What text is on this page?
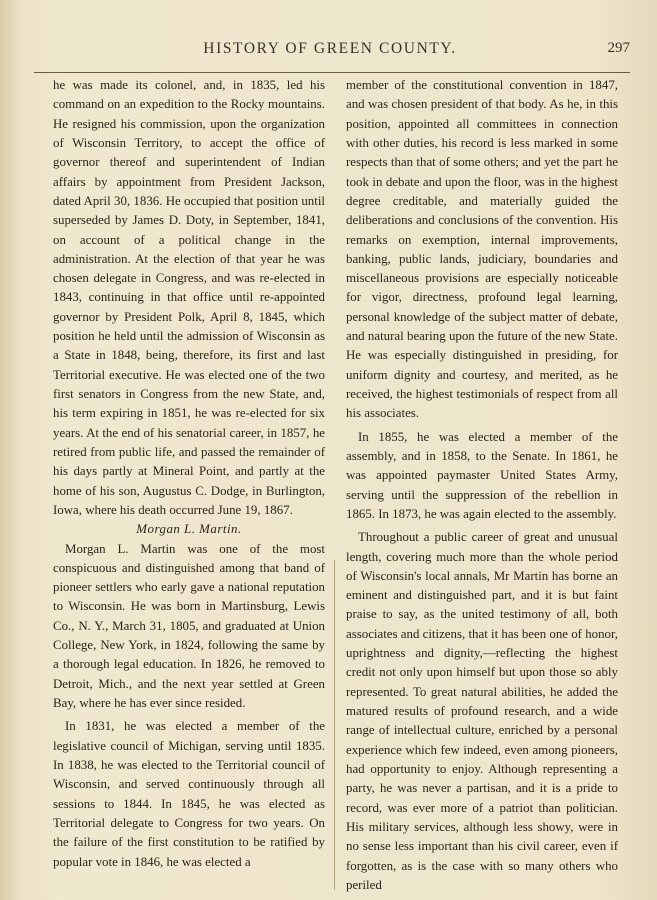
HISTORY OF GREEN COUNTY.	297

he was made its colonel, and, in 1835, led his command on an expedition to the Rocky mountains. He resigned his commission, upon the organization of Wisconsin Territory, to accept the office of governor thereof and superintendent of Indian affairs by appointment from President Jackson, dated April 30, 1836. He occupied that position until superseded by James D. Doty, in September, 1841, on account of a political change in the administration. At the election of that year he was chosen delegate in Congress, and was re-elected in 1843, continuing in that office until re-appointed governor by President Polk, April 8, 1845, which position he held until the admission of Wisconsin as a State in 1848, being, therefore, its first and last Territorial executive. He was elected one of the two first senators in Congress from the new State, and, his term expiring in 1851, he was re-elected for six years. At the end of his senatorial career, in 1857, he retired from public life, and passed the remainder of his days partly at Mineral Point, and partly at the home of his son, Augustus C. Dodge, in Burlington, Iowa, where his death occurred June 19, 1867.

Morgan L. Martin.

Morgan L. Martin was one of the most conspicuous and distinguished among that band of pioneer settlers who early gave a national reputation to Wisconsin. He was born in Martinsburg, Lewis Co., N. Y., March 31, 1805, and graduated at Union College, New York, in 1824, following the same by a thorough legal education. In 1826, he removed to Detroit, Mich., and the next year settled at Green Bay, where he has ever since resided.

In 1831, he was elected a member of the legislative council of Michigan, serving until 1835. In 1838, he was elected to the Territorial council of Wisconsin, and served continuously through all sessions to 1844. In 1845, he was elected as Territorial delegate to Congress for two years. On the failure of the first constitution to be ratified by popular vote in 1846, he was elected a

member of the constitutional convention in 1847, and was chosen president of that body. As he, in this position, appointed all committees in connection with other duties, his record is less marked in some respects than that of some others; and yet the part he took in debate and upon the floor, was in the highest degree creditable, and materially guided the deliberations and conclusions of the convention. His remarks on exemption, internal improvements, banking, public lands, judiciary, boundaries and miscellaneous provisions are especially noticeable for vigor, directness, profound legal learning, personal knowledge of the subject matter of debate, and natural bearing upon the future of the new State. He was especially distinguished in presiding, for uniform dignity and courtesy, and merited, as he received, the highest testimonials of respect from all his associates.

In 1855, he was elected a member of the assembly, and in 1858, to the Senate. In 1861, he was appointed paymaster United States Army, serving until the suppression of the rebellion in 1865. In 1873, he was again elected to the assembly.

Throughout a public career of great and unusual length, covering much more than the whole period of Wisconsin's local annals, Mr Martin has borne an eminent and distinguished part, and it is but faint praise to say, as the united testimony of all, both associates and citizens, that it has been one of honor, uprightness and dignity,—reflecting the highest credit not only upon himself but upon those so ably represented. To great natural abilities, he added the matured results of profound research, and a wide range of intellectual culture, enriched by a personal experience which few indeed, even among pioneers, had opportunity to enjoy. Although representing a party, he was never a partisan, and it is a pride to record, was ever more of a patriot than politician. His military services, although less showy, were in no sense less important than his civil career, even if forgotten, as is the case with so many others who periled
